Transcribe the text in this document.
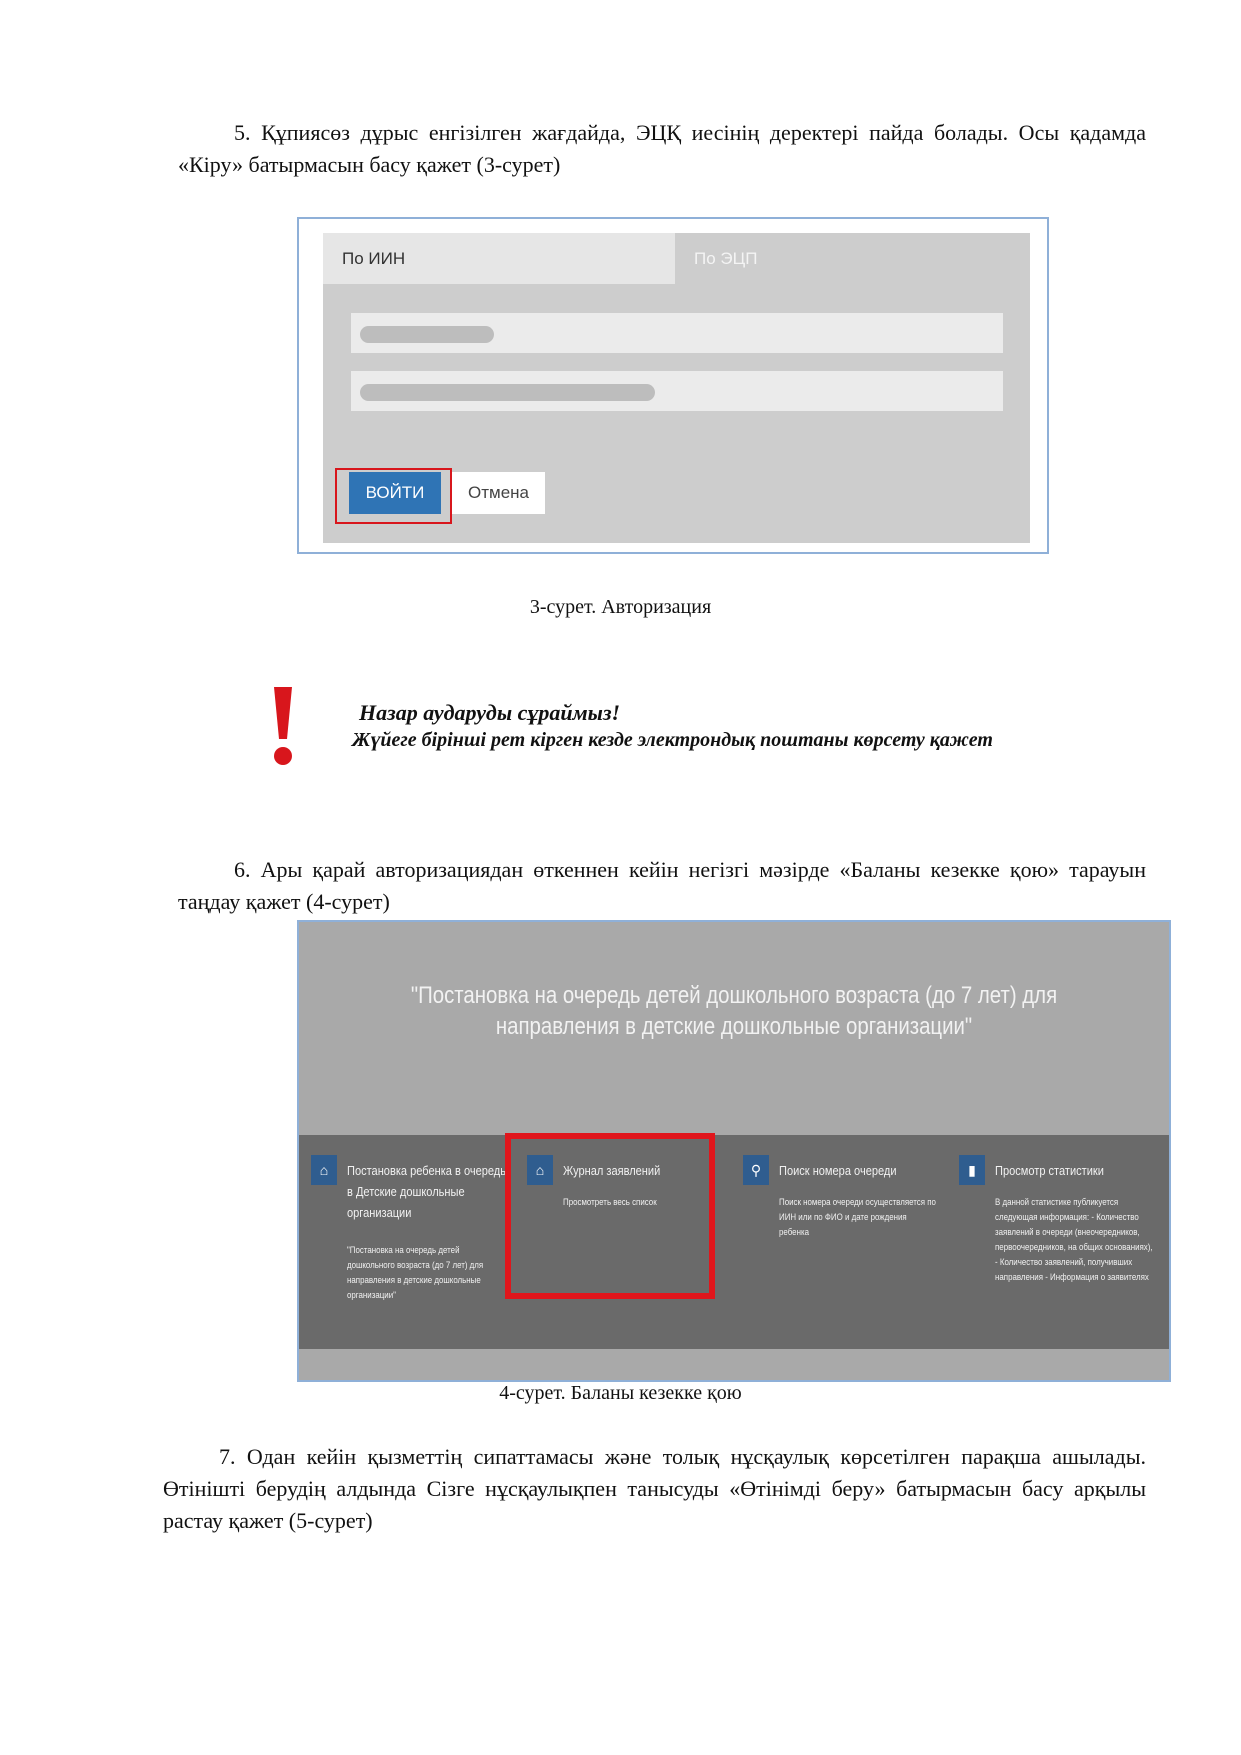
5. Құпиясөз дұрыс енгізілген жағдайда, ЭЦҚ иесінің деректері пайда болады. Осы қадамда «Кіру» батырмасын басу қажет (3-сурет)
По ИИН	По ЭЦП
ВОЙТИ	Отмена
3-сурет. Авторизация
Назар аударуды сұраймыз!
Жүйеге бірінші рет кірген кезде электрондық поштаны көрсету қажет
6. Ары қарай авторизациядан өткеннен кейін негізгі мәзірде «Баланы кезекке қою» тарауын таңдау қажет (4-сурет)
"Постановка на очередь детей дошкольного возраста (до 7 лет) для
направления в детские дошкольные организации"
⌂	Постановка ребенка в очередь в Детские дошкольные организации
"Постановка на очередь детей дошкольного возраста (до 7 лет) для направления в детские дошкольные организации"
⌂	Журнал заявлений
Просмотреть весь список
⚲	Поиск номера очереди
Поиск номера очереди осуществляется по ИИН или по ФИО и дате рождения ребенка
▮	Просмотр статистики
В данной статистике публикуется следующая информация: - Количество заявлений в очереди (внеочередников, первоочередников, на общих основаниях), - Количество заявлений, получивших направления - Информация о заявителях
4-сурет. Баланы кезекке қою
7. Одан кейін қызметтің сипаттамасы және толық нұсқаулық көрсетілген парақша ашылады. Өтінішті берудің алдында Сізге нұсқаулықпен танысуды «Өтінімді беру» батырмасын басу арқылы растау қажет (5-сурет)
